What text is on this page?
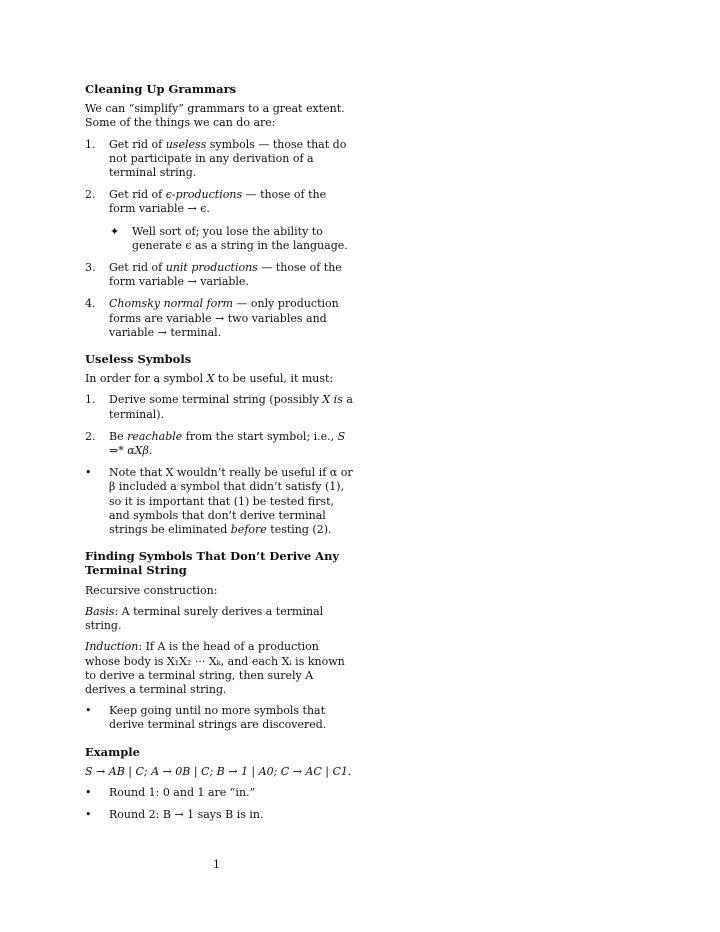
Cleaning Up Grammars

We can “simplify” grammars to a great extent. Some of the things we can do are:

1.	Get rid of useless symbols — those that do not participate in any derivation of a terminal string.
2.	Get rid of ϵ-productions — those of the form variable → ϵ.
✦ Well sort of; you lose the ability to generate ϵ as a string in the language.
3.	Get rid of unit productions — those of the form variable → variable.
4.	Chomsky normal form — only production forms are variable → two variables and variable → terminal.
Useless Symbols

In order for a symbol X to be useful, it must:

1.	Derive some terminal string (possibly X is a terminal).
2.	Be reachable from the start symbol; i.e., S ⇒* αXβ.
•	Note that X wouldn’t really be useful if α or β included a symbol that didn’t satisfy (1), so it is important that (1) be tested first, and symbols that don’t derive terminal strings be eliminated before testing (2).
Finding Symbols That Don’t Derive Any Terminal String

Recursive construction:

Basis: A terminal surely derives a terminal string.

Induction: If A is the head of a production whose body is X₁X₂ ··· Xₖ, and each Xᵢ is known to derive a terminal string, then surely A derives a terminal string.

•	Keep going until no more symbols that derive terminal strings are discovered.
Example

S → AB | C; A → 0B | C; B → 1 | A0; C → AC | C1.

•	Round 1: 0 and 1 are “in.”
•	Round 2: B → 1 says B is in.
1
